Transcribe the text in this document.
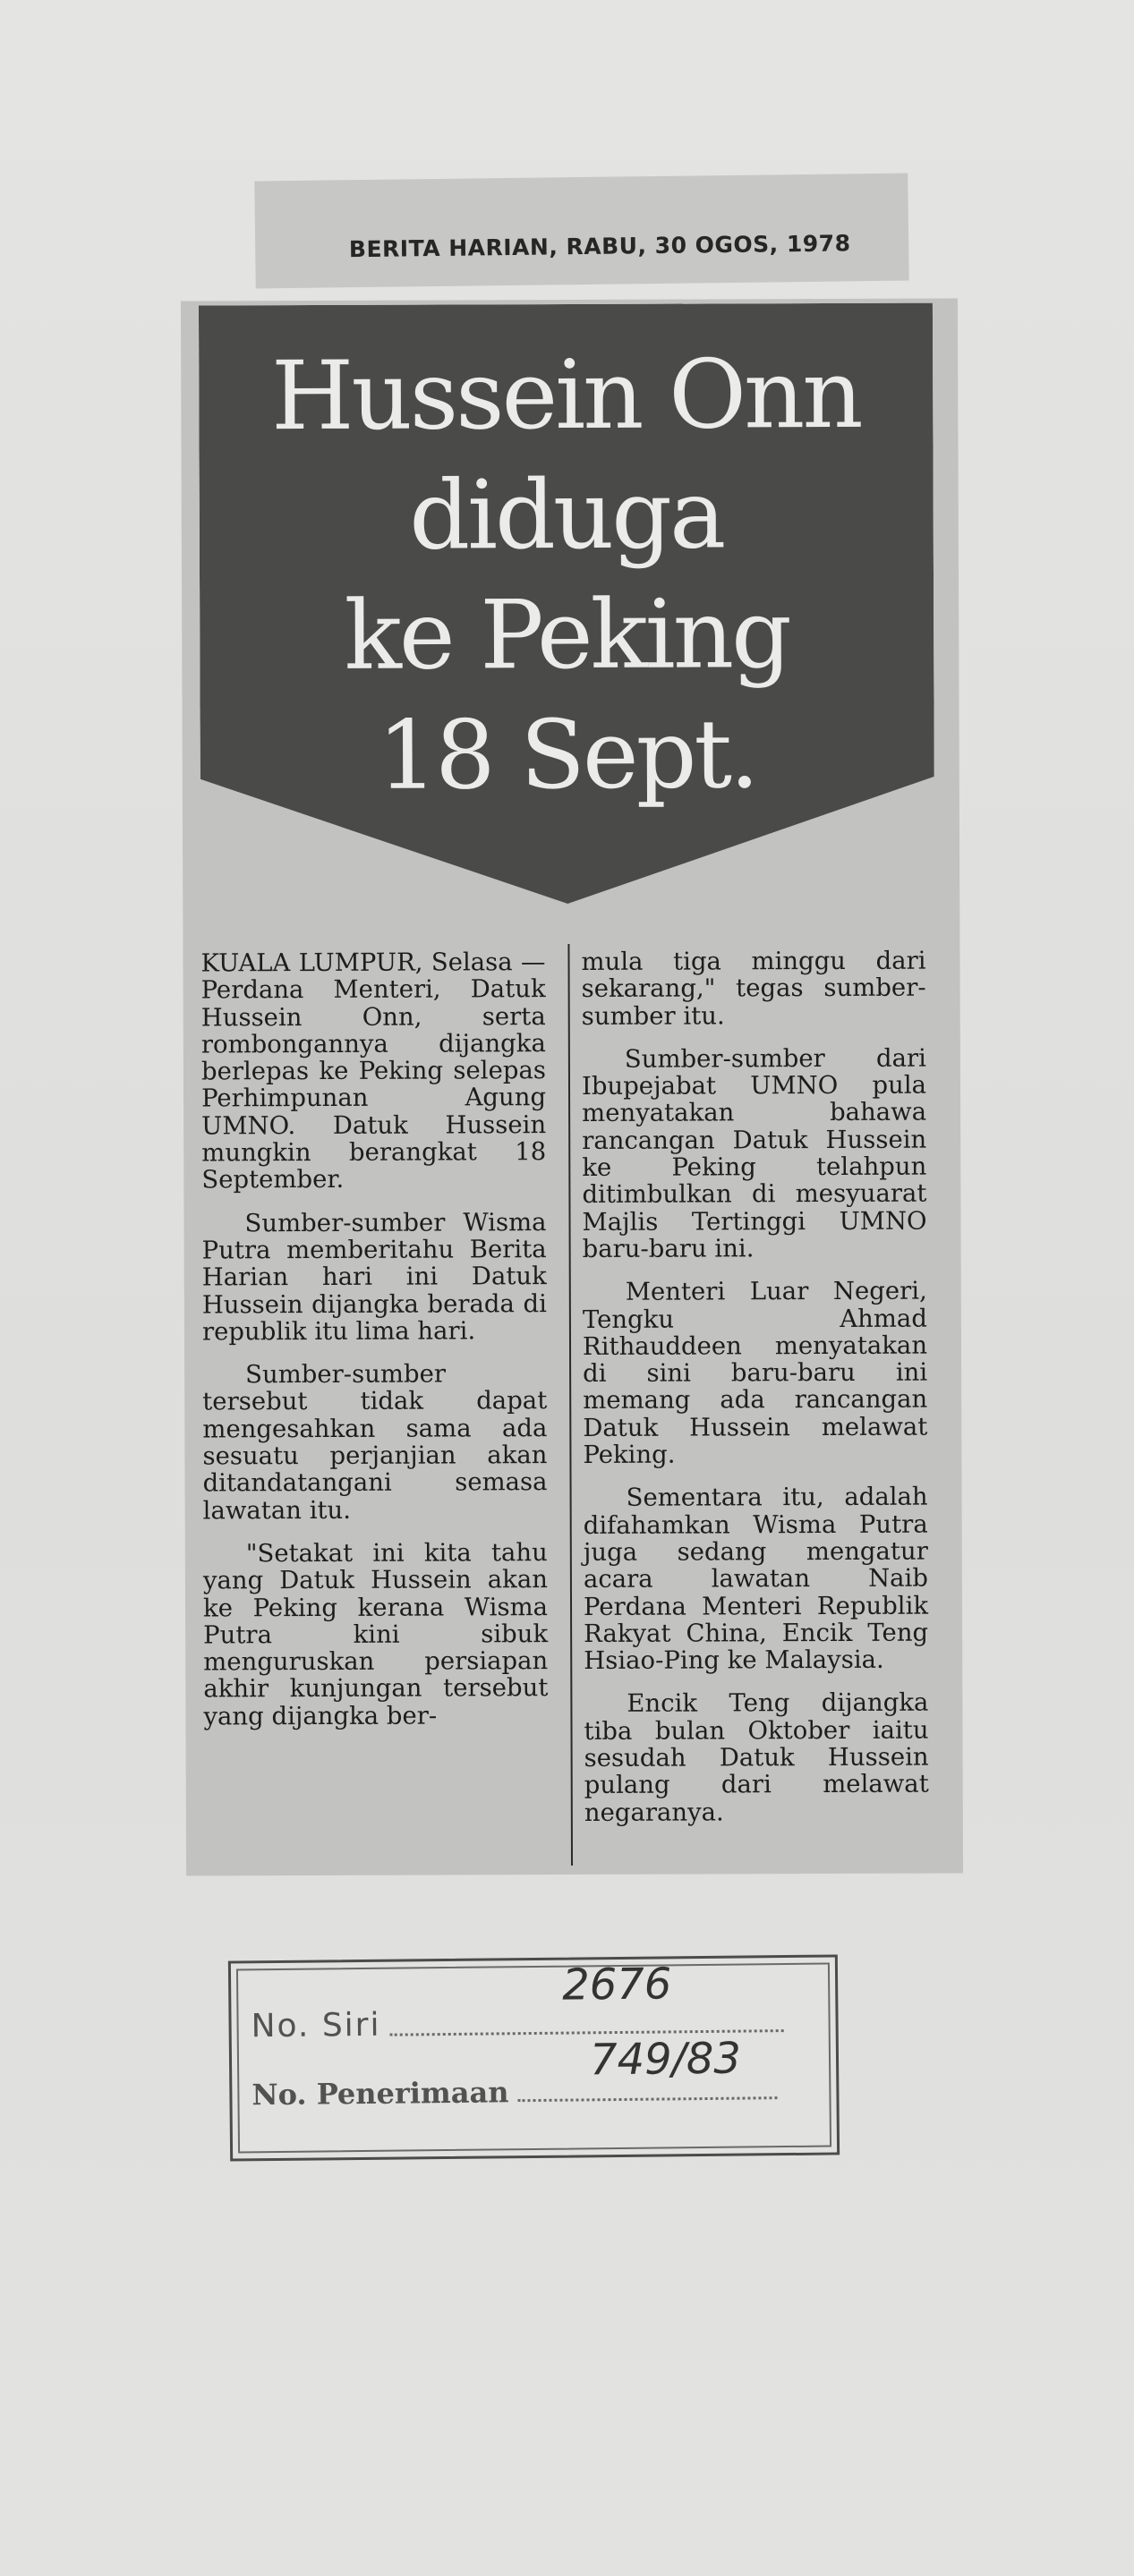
BERITA HARIAN, RABU, 30 OGOS, 1978
Hussein Onn
diduga
ke Peking
18 Sept.

KUALA LUMPUR, Selasa — Perdana Menteri, Datuk Hussein Onn, serta rombongannya dijangka berlepas ke Peking selepas Perhimpunan Agung UMNO. Datuk Hussein mungkin berangkat 18 September.

Sumber-sumber Wisma Putra memberitahu Berita Harian hari ini Datuk Hussein dijangka berada di republik itu lima hari.

Sumber-sumber tersebut tidak dapat mengesahkan sama ada sesuatu perjanjian akan ditandatangani semasa lawatan itu.

"Setakat ini kita tahu yang Datuk Hussein akan ke Peking kerana Wisma Putra kini sibuk menguruskan persiapan akhir kunjungan tersebut yang dijangka ber-

mula tiga minggu dari sekarang," tegas sumber-sumber itu.

Sumber-sumber dari Ibupejabat UMNO pula menyatakan bahawa rancangan Datuk Hussein ke Peking telahpun ditimbulkan di mesyuarat Majlis Tertinggi UMNO baru-baru ini.

Menteri Luar Negeri, Tengku Ahmad Rithauddeen menyatakan di sini baru-baru ini memang ada rancangan Datuk Hussein melawat Peking.

Sementara itu, adalah difahamkan Wisma Putra juga sedang mengatur acara lawatan Naib Perdana Menteri Republik Rakyat China, Encik Teng Hsiao-Ping ke Malaysia.

Encik Teng dijangka tiba bulan Oktober iaitu sesudah Datuk Hussein pulang dari melawat negaranya.

No. Siri
2676
No. Penerimaan
749/83
